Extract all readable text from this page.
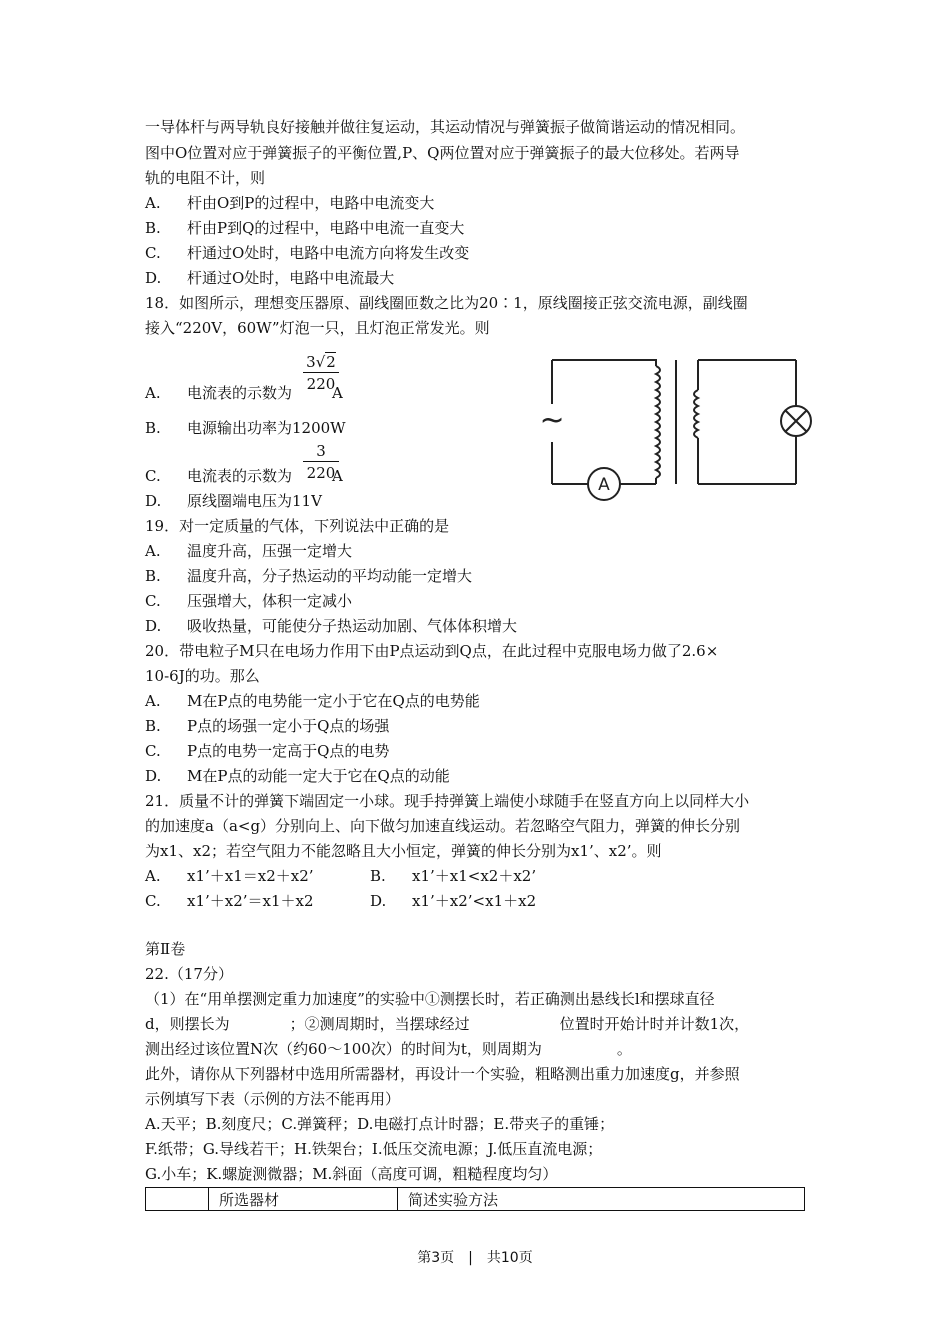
一导体杆与两导轨良好接触并做往复运动，其运动情况与弹簧振子做简谐运动的情况相同。
图中O位置对应于弹簧振子的平衡位置,P、Q两位置对应于弹簧振子的最大位移处。若两导
轨的电阻不计，则
A. 杆由O到P的过程中，电路中电流变大
B. 杆由P到Q的过程中，电路中电流一直变大
C. 杆通过O处时，电路中电流方向将发生改变
D. 杆通过O处时，电路中电流最大
18．如图所示，理想变压器原、副线圈匝数之比为20∶1，原线圈接正弦交流电源，副线圈
接入“220V，60W”灯泡一只，且灯泡正常发光。则
$\frac{3√2}{220}$
A. 电流表的示数为	A
B. 电源输出功率为1200W
$\frac{3}{220}$
C. 电流表的示数为	A
D. 原线圈端电压为11V
A
~
19．对一定质量的气体，下列说法中正确的是
A. 温度升高，压强一定增大
B. 温度升高，分子热运动的平均动能一定增大
C. 压强增大，体积一定减小
D. 吸收热量，可能使分子热运动加剧、气体体积增大
20．带电粒子M只在电场力作用下由P点运动到Q点，在此过程中克服电场力做了2.6×
10-6J的功。那么
A. M在P点的电势能一定小于它在Q点的电势能
B. P点的场强一定小于Q点的场强
C. P点的电势一定高于Q点的电势
D. M在P点的动能一定大于它在Q点的动能
21．质量不计的弹簧下端固定一小球。现手持弹簧上端使小球随手在竖直方向上以同样大小
的加速度a（a<g）分别向上、向下做匀加速直线运动。若忽略空气阻力，弹簧的伸长分别
为x1、x2；若空气阻力不能忽略且大小恒定，弹簧的伸长分别为x1’、x2’。则
A. x1’＋x1＝x2＋x2’	B. x1’＋x1<x2＋x2’
C. x1’＋x2’＝x1＋x2	D. x1’＋x2’<x1＋x2
第Ⅱ卷
22.（17分）
（1）在“用单摆测定重力加速度”的实验中①测摆长时，若正确测出悬线长l和摆球直径
d，则摆长为　　　　；②测周期时，当摆球经过　　　　　　位置时开始计时并计数1次，
测出经过该位置N次（约60～100次）的时间为t，则周期为　　　　　。
此外，请你从下列器材中选用所需器材，再设计一个实验，粗略测出重力加速度g，并参照
示例填写下表（示例的方法不能再用）
A.天平；B.刻度尺；C.弹簧秤；D.电磁打点计时器；E.带夹子的重锤；
F.纸带；G.导线若干；H.铁架台；I.低压交流电源；J.低压直流电源；
G.小车；K.螺旋测微器；M.斜面（高度可调，粗糙程度均匀）
	所选器材	简述实验方法
第3页　|　共10页
